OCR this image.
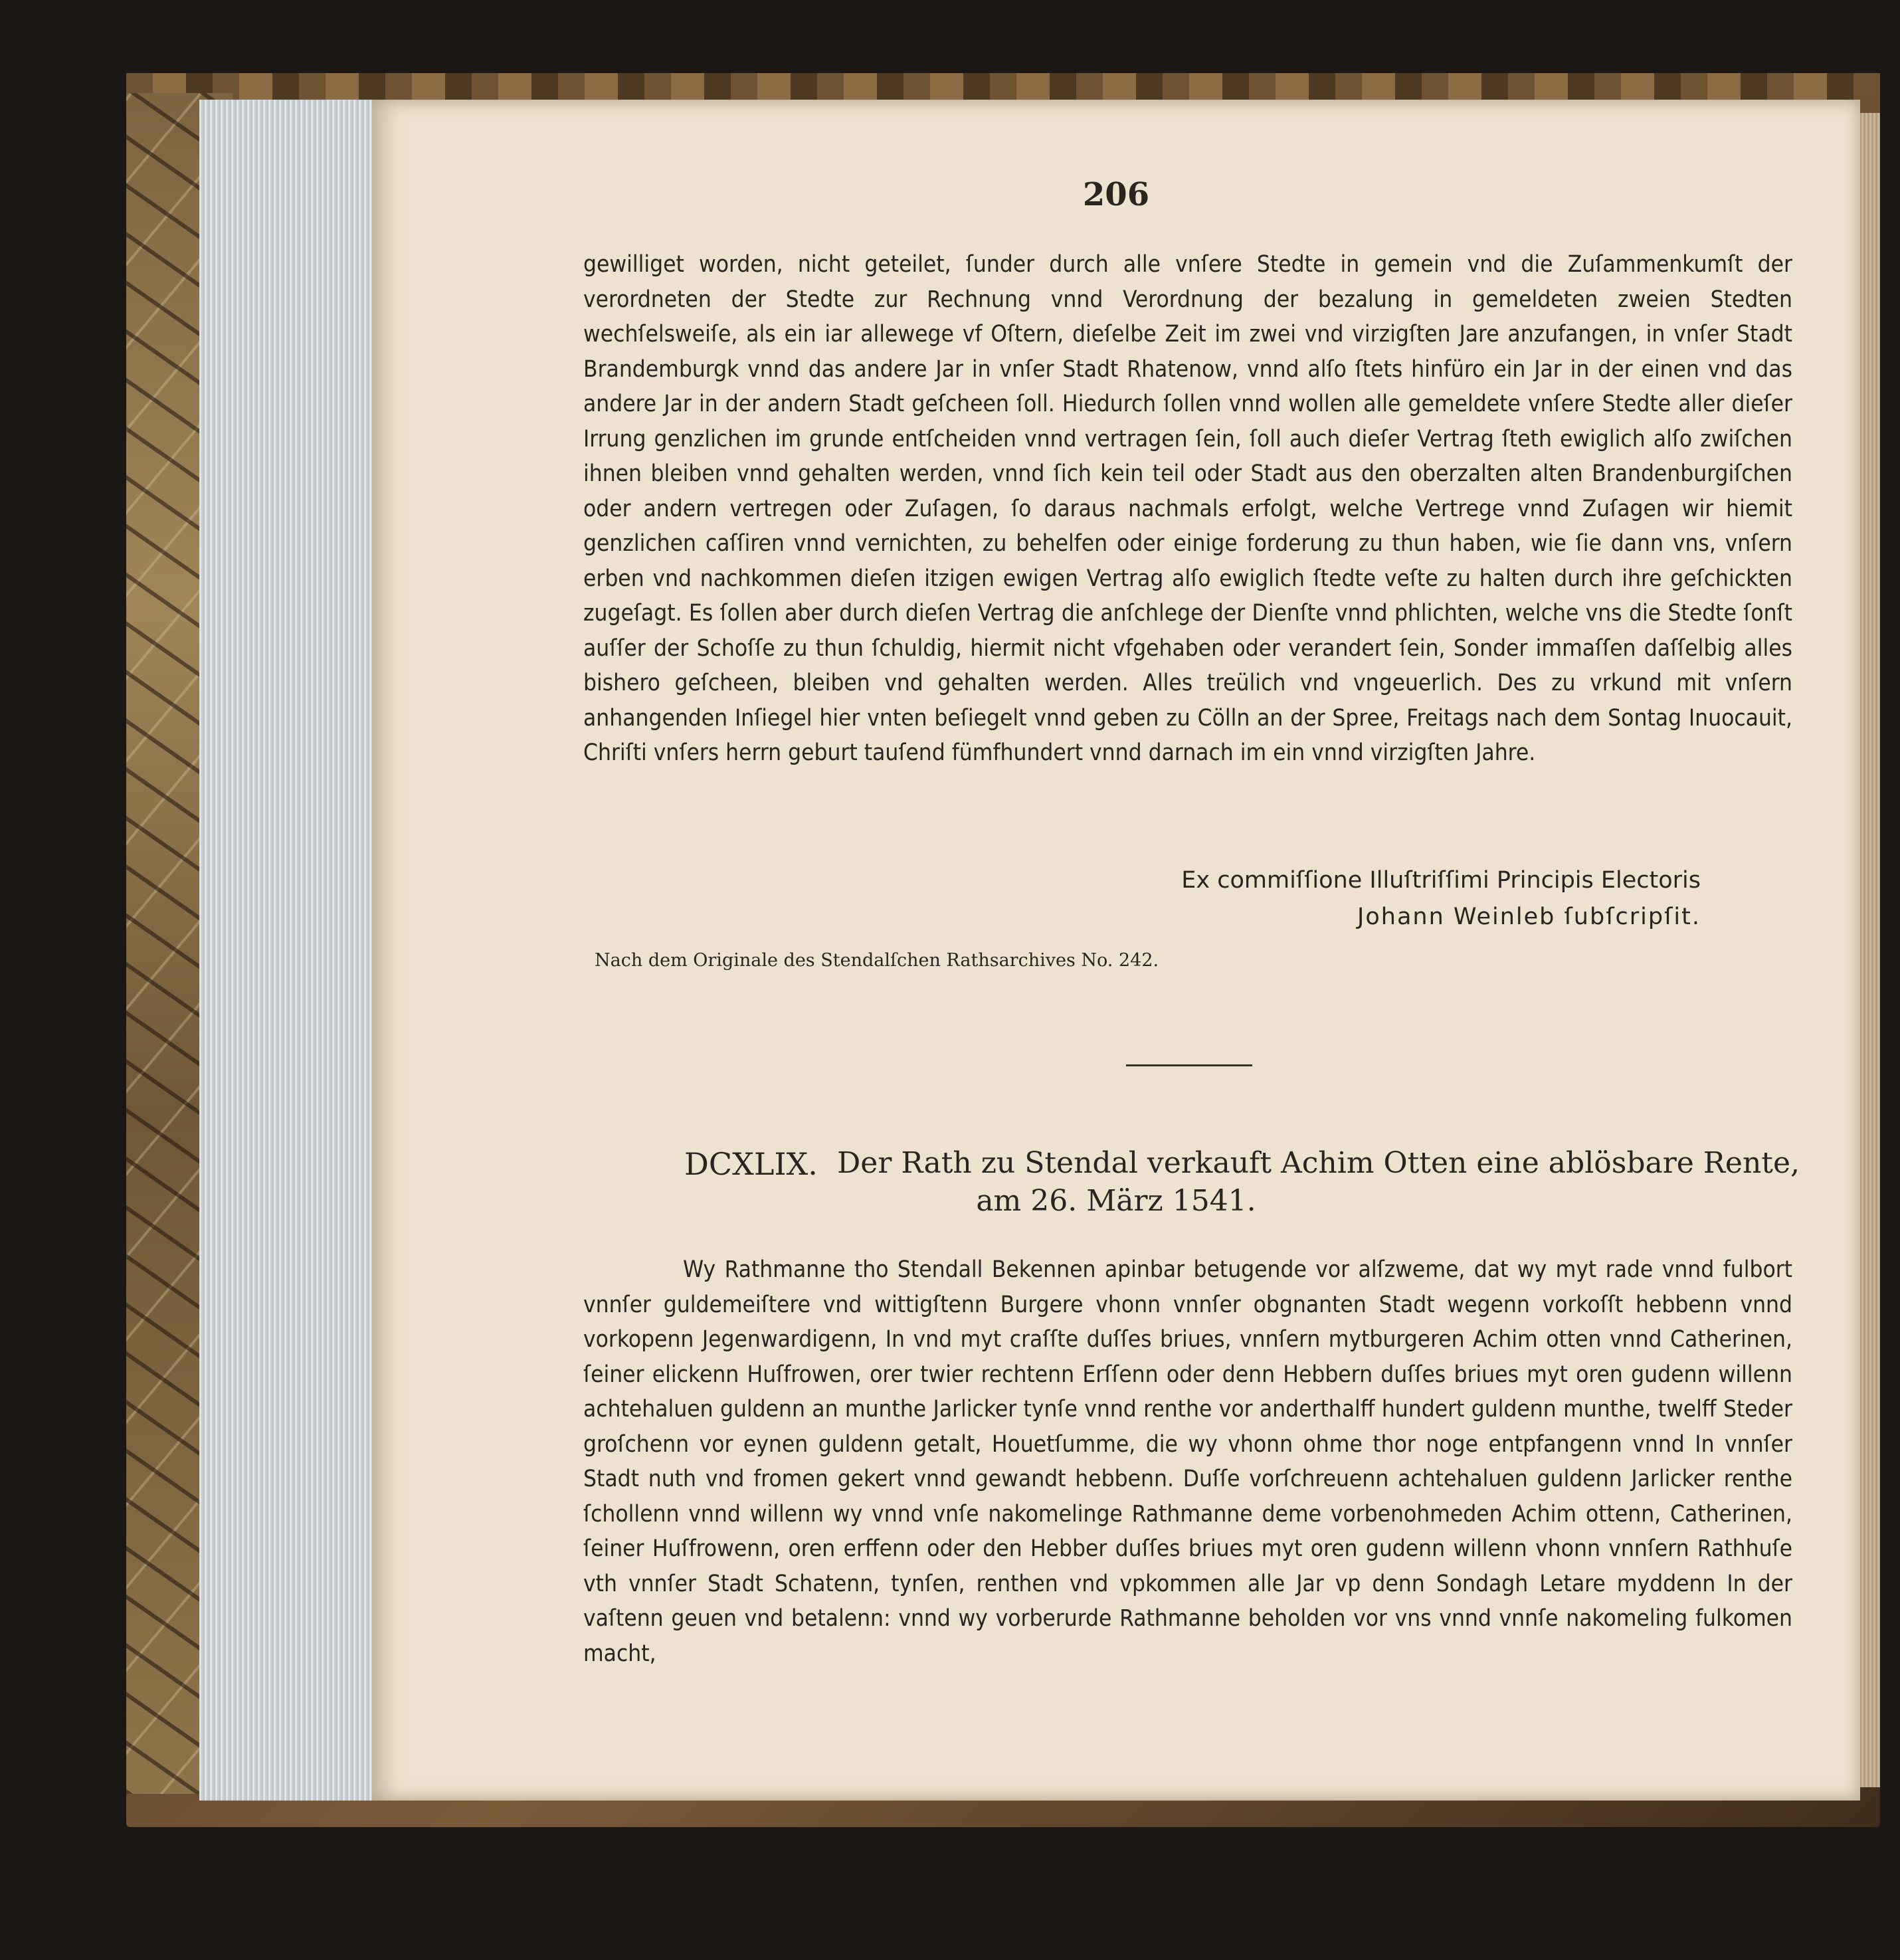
206

gewilliget worden, nicht geteilet, ſunder durch alle vnſere Stedte in gemein vnd die Zuſammenkumſt der verordneten der Stedte zur Rechnung vnnd Verordnung der bezalung in gemeldeten zweien Stedten wechſelsweiſe, als ein iar allewege vf Oſtern, dieſelbe Zeit im zwei vnd virzigſten Jare anzufangen, in vnſer Stadt Brandemburgk vnnd das andere Jar in vnſer Stadt Rhatenow, vnnd alſo ſtets hinfüro ein Jar in der einen vnd das andere Jar in der andern Stadt geſcheen ſoll. Hiedurch ſollen vnnd wollen alle gemeldete vnſere Stedte aller dieſer Irrung genzlichen im grunde entſcheiden vnnd vertragen ſein, ſoll auch dieſer Vertrag ſteth ewiglich alſo zwiſchen ihnen bleiben vnnd gehalten werden, vnnd ſich kein teil oder Stadt aus den oberzalten alten Brandenburgiſchen oder andern vertregen oder Zuſagen, ſo daraus nachmals erfolgt, welche Vertrege vnnd Zuſagen wir hiemit genzlichen caſſiren vnnd vernichten, zu behelfen oder einige forderung zu thun haben, wie ſie dann vns, vnſern erben vnd nachkommen dieſen itzigen ewigen Vertrag alſo ewiglich ſtedte veſte zu halten durch ihre geſchickten zugeſagt. Es ſollen aber durch dieſen Vertrag die anſchlege der Dienſte vnnd phlichten, welche vns die Stedte ſonſt auſſer der Schoſſe zu thun ſchuldig, hiermit nicht vfgehaben oder verandert ſein, Sonder immaſſen daſſelbig alles bishero geſcheen, bleiben vnd gehalten werden. Alles treülich vnd vngeuerlich. Des zu vrkund mit vnſern anhangenden Inſiegel hier vnten beſiegelt vnnd geben zu Cölln an der Spree, Freitags nach dem Sontag Inuocauit, Chriſti vnſers herrn geburt tauſend fümfhundert vnnd darnach im ein vnnd virzigſten Jahre.

Ex commiſſione Illuſtriſſimi Principis Electoris
Johann Weinleb ſubſcripſit.
Nach dem Originale des Stendalſchen Rathsarchives No. 242.
DCXLIX. Der Rath zu Stendal verkauft Achim Otten eine ablösbare Rente,
am 26. März 1541.

Wy Rathmanne tho Stendall Bekennen apinbar betugende vor alſzweme, dat wy myt rade vnnd fulbort vnnſer guldemeiſtere vnd wittigſtenn Burgere vhonn vnnſer obgnanten Stadt wegenn vorkoſſt hebbenn vnnd vorkopenn Jegenwardigenn, In vnd myt craſſte duſſes briues, vnnſern mytburgeren Achim otten vnnd Catherinen, ſeiner elickenn Huſfrowen, orer twier rechtenn Erſſenn oder denn Hebbern duſſes briues myt oren gudenn willenn achtehaluen guldenn an munthe Jarlicker tynſe vnnd renthe vor anderthalff hundert guldenn munthe, twelff Steder groſchenn vor eynen guldenn getalt, Houetſumme, die wy vhonn ohme thor noge entpfangenn vnnd In vnnſer Stadt nuth vnd fromen gekert vnnd gewandt hebbenn. Duſſe vorſchreuenn achtehaluen guldenn Jarlicker renthe ſchollenn vnnd willenn wy vnnd vnſe nakomelinge Rathmanne deme vorbenohmeden Achim ottenn, Catherinen, ſeiner Huſfrowenn, oren erffenn oder den Hebber duſſes briues myt oren gudenn willenn vhonn vnnſern Rathhuſe vth vnnſer Stadt Schatenn, tynſen, renthen vnd vpkommen alle Jar vp denn Sondagh Letare myddenn In der vaſtenn geuen vnd betalenn: vnnd wy vorberurde Rathmanne beholden vor vns vnnd vnnſe nakomeling fulkomen macht,
